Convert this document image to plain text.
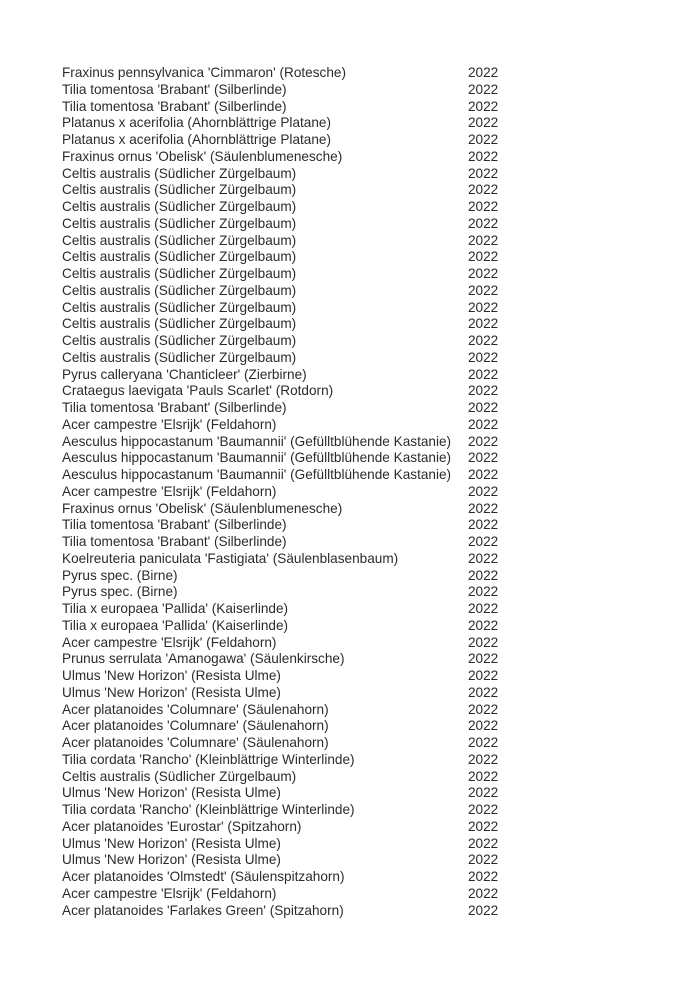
Fraxinus pennsylvanica 'Cimmaron' (Rotesche)	2022
Tilia tomentosa 'Brabant' (Silberlinde)	2022
Tilia tomentosa 'Brabant' (Silberlinde)	2022
Platanus x acerifolia (Ahornblättrige Platane)	2022
Platanus x acerifolia (Ahornblättrige Platane)	2022
Fraxinus ornus 'Obelisk' (Säulenblumenesche)	2022
Celtis australis (Südlicher Zürgelbaum)	2022
Celtis australis (Südlicher Zürgelbaum)	2022
Celtis australis (Südlicher Zürgelbaum)	2022
Celtis australis (Südlicher Zürgelbaum)	2022
Celtis australis (Südlicher Zürgelbaum)	2022
Celtis australis (Südlicher Zürgelbaum)	2022
Celtis australis (Südlicher Zürgelbaum)	2022
Celtis australis (Südlicher Zürgelbaum)	2022
Celtis australis (Südlicher Zürgelbaum)	2022
Celtis australis (Südlicher Zürgelbaum)	2022
Celtis australis (Südlicher Zürgelbaum)	2022
Celtis australis (Südlicher Zürgelbaum)	2022
Pyrus calleryana 'Chanticleer' (Zierbirne)	2022
Crataegus laevigata 'Pauls Scarlet' (Rotdorn)	2022
Tilia tomentosa 'Brabant' (Silberlinde)	2022
Acer campestre 'Elsrijk' (Feldahorn)	2022
Aesculus hippocastanum 'Baumannii' (Gefülltblühende Kastanie)	2022
Aesculus hippocastanum 'Baumannii' (Gefülltblühende Kastanie)	2022
Aesculus hippocastanum 'Baumannii' (Gefülltblühende Kastanie)	2022
Acer campestre 'Elsrijk' (Feldahorn)	2022
Fraxinus ornus 'Obelisk' (Säulenblumenesche)	2022
Tilia tomentosa 'Brabant' (Silberlinde)	2022
Tilia tomentosa 'Brabant' (Silberlinde)	2022
Koelreuteria paniculata 'Fastigiata' (Säulenblasenbaum)	2022
Pyrus spec. (Birne)	2022
Pyrus spec. (Birne)	2022
Tilia x europaea 'Pallida' (Kaiserlinde)	2022
Tilia x europaea 'Pallida' (Kaiserlinde)	2022
Acer campestre 'Elsrijk' (Feldahorn)	2022
Prunus serrulata 'Amanogawa' (Säulenkirsche)	2022
Ulmus 'New Horizon' (Resista Ulme)	2022
Ulmus 'New Horizon' (Resista Ulme)	2022
Acer platanoides 'Columnare' (Säulenahorn)	2022
Acer platanoides 'Columnare' (Säulenahorn)	2022
Acer platanoides 'Columnare' (Säulenahorn)	2022
Tilia cordata 'Rancho' (Kleinblättrige Winterlinde)	2022
Celtis australis (Südlicher Zürgelbaum)	2022
Ulmus 'New Horizon' (Resista Ulme)	2022
Tilia cordata 'Rancho' (Kleinblättrige Winterlinde)	2022
Acer platanoides 'Eurostar' (Spitzahorn)	2022
Ulmus 'New Horizon' (Resista Ulme)	2022
Ulmus 'New Horizon' (Resista Ulme)	2022
Acer platanoides 'Olmstedt' (Säulenspitzahorn)	2022
Acer campestre 'Elsrijk' (Feldahorn)	2022
Acer platanoides 'Farlakes Green' (Spitzahorn)	2022
